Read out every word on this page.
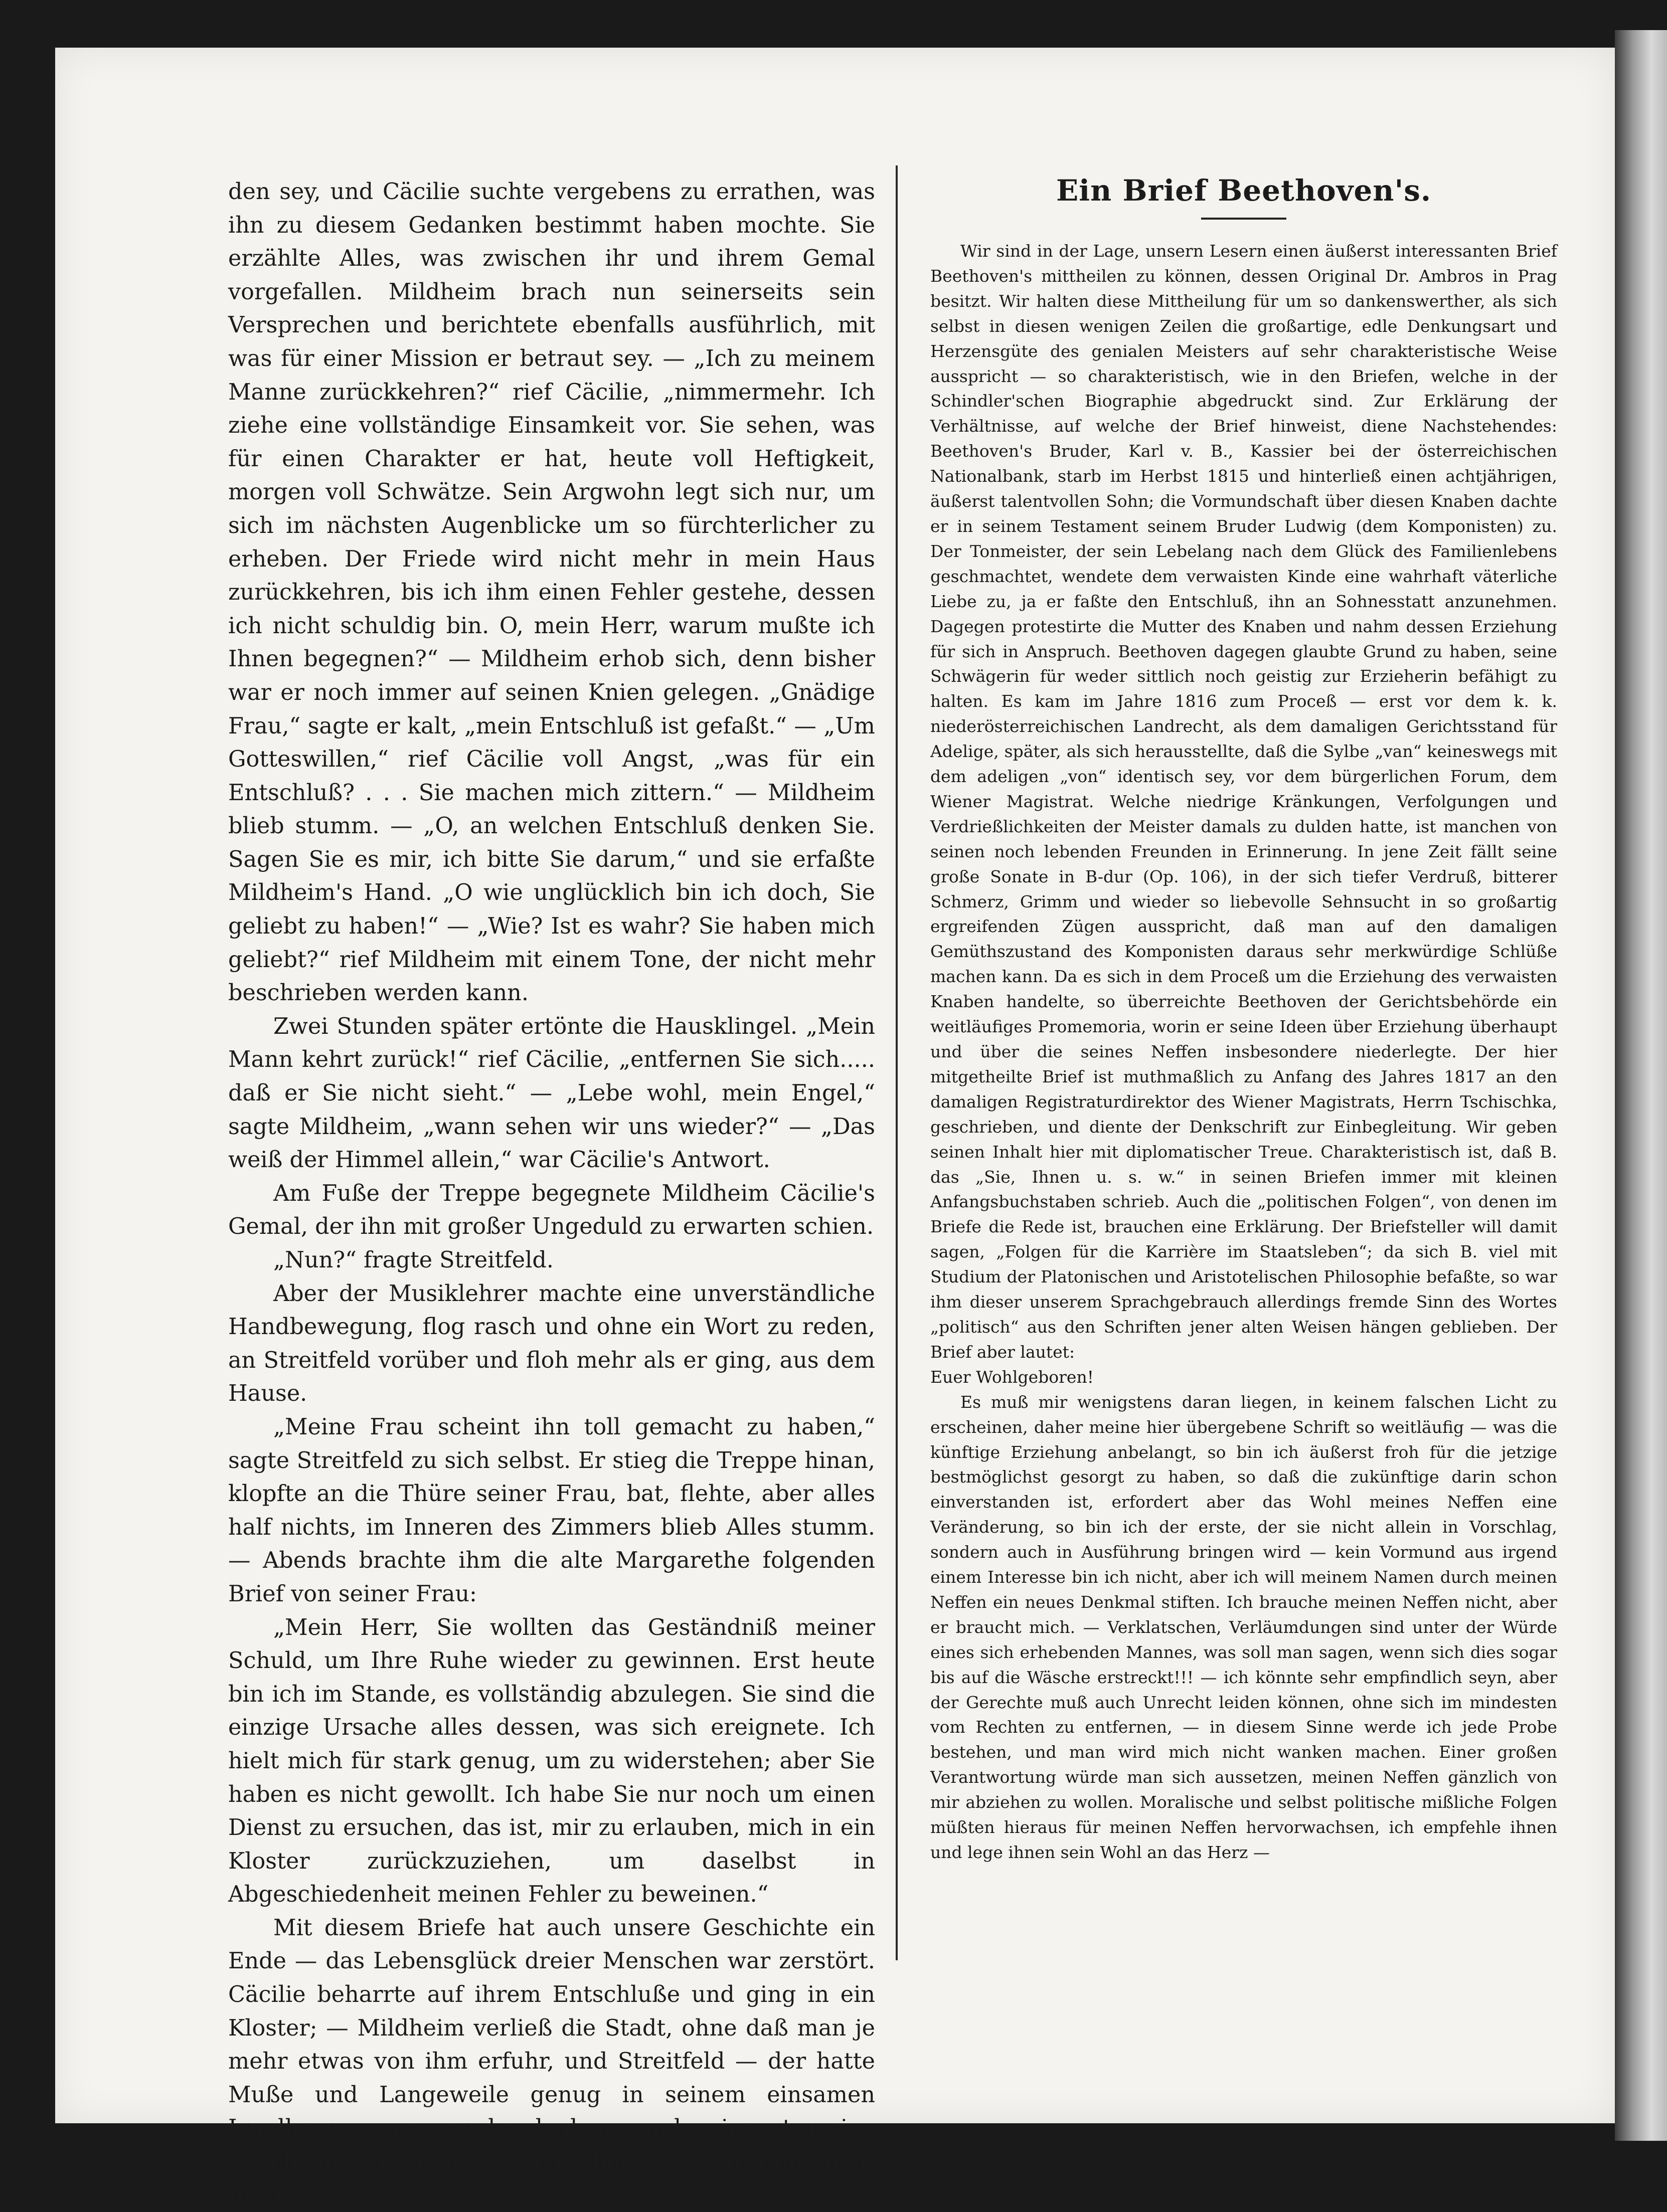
den sey, und Cäcilie suchte vergebens zu errathen, was ihn zu diesem Gedanken bestimmt haben mochte. Sie erzählte Alles, was zwischen ihr und ihrem Gemal vorgefallen. Mildheim brach nun seinerseits sein Versprechen und berichtete ebenfalls ausführlich, mit was für einer Mission er betraut sey. — „Ich zu meinem Manne zurückkehren?“ rief Cäcilie, „nimmermehr. Ich ziehe eine vollständige Einsamkeit vor. Sie sehen, was für einen Charakter er hat, heute voll Heftigkeit, morgen voll Schwätze. Sein Argwohn legt sich nur, um sich im nächsten Augenblicke um so fürchterlicher zu erheben. Der Friede wird nicht mehr in mein Haus zurückkehren, bis ich ihm einen Fehler gestehe, dessen ich nicht schuldig bin. O, mein Herr, warum mußte ich Ihnen begegnen?“ — Mildheim erhob sich, denn bisher war er noch immer auf seinen Knien gelegen. „Gnädige Frau,“ sagte er kalt, „mein Entschluß ist gefaßt.“ — „Um Gotteswillen,“ rief Cäcilie voll Angst, „was für ein Entschluß? . . . Sie machen mich zittern.“ — Mildheim blieb stumm. — „O, an welchen Entschluß denken Sie. Sagen Sie es mir, ich bitte Sie darum,“ und sie erfaßte Mildheim's Hand. „O wie unglücklich bin ich doch, Sie geliebt zu haben!“ — „Wie? Ist es wahr? Sie haben mich geliebt?“ rief Mildheim mit einem Tone, der nicht mehr beschrieben werden kann.

Zwei Stunden später ertönte die Hausklingel. „Mein Mann kehrt zurück!“ rief Cäcilie, „entfernen Sie sich..... daß er Sie nicht sieht.“ — „Lebe wohl, mein Engel,“ sagte Mildheim, „wann sehen wir uns wieder?“ — „Das weiß der Himmel allein,“ war Cäcilie's Antwort.

Am Fuße der Treppe begegnete Mildheim Cäcilie's Gemal, der ihn mit großer Ungeduld zu erwarten schien.

„Nun?“ fragte Streitfeld.

Aber der Musiklehrer machte eine unverständliche Handbewegung, flog rasch und ohne ein Wort zu reden, an Streitfeld vorüber und floh mehr als er ging, aus dem Hause.

„Meine Frau scheint ihn toll gemacht zu haben,“ sagte Streitfeld zu sich selbst. Er stieg die Treppe hinan, klopfte an die Thüre seiner Frau, bat, flehte, aber alles half nichts, im Inneren des Zimmers blieb Alles stumm. — Abends brachte ihm die alte Margarethe folgenden Brief von seiner Frau:

„Mein Herr, Sie wollten das Geständniß meiner Schuld, um Ihre Ruhe wieder zu gewinnen. Erst heute bin ich im Stande, es vollständig abzulegen. Sie sind die einzige Ursache alles dessen, was sich ereignete. Ich hielt mich für stark genug, um zu widerstehen; aber Sie haben es nicht gewollt. Ich habe Sie nur noch um einen Dienst zu ersuchen, das ist, mir zu erlauben, mich in ein Kloster zurückzuziehen, um daselbst in Abgeschiedenheit meinen Fehler zu beweinen.“

Mit diesem Briefe hat auch unsere Geschichte ein Ende — das Lebensglück dreier Menschen war zerstört. Cäcilie beharrte auf ihrem Entschluße und ging in ein Kloster; — Mildheim verließ die Stadt, ohne daß man je mehr etwas von ihm erfuhr, und Streitfeld — der hatte Muße und Langeweile genug in seinem einsamen Landhause, um nachzudenken und eine traurige Geschichte darüber zu schreiben: „Wohin Eifersucht führt.“

Ein Brief Beethoven's.

Wir sind in der Lage, unsern Lesern einen äußerst interessanten Brief Beethoven's mittheilen zu können, dessen Original Dr. Ambros in Prag besitzt. Wir halten diese Mittheilung für um so dankenswerther, als sich selbst in diesen wenigen Zeilen die großartige, edle Denkungsart und Herzensgüte des genialen Meisters auf sehr charakteristische Weise ausspricht — so charakteristisch, wie in den Briefen, welche in der Schindler'schen Biographie abgedruckt sind. Zur Erklärung der Verhältnisse, auf welche der Brief hinweist, diene Nachstehendes: Beethoven's Bruder, Karl v. B., Kassier bei der österreichischen Nationalbank, starb im Herbst 1815 und hinterließ einen achtjährigen, äußerst talentvollen Sohn; die Vormundschaft über diesen Knaben dachte er in seinem Testament seinem Bruder Ludwig (dem Komponisten) zu. Der Tonmeister, der sein Lebelang nach dem Glück des Familienlebens geschmachtet, wendete dem verwaisten Kinde eine wahrhaft väterliche Liebe zu, ja er faßte den Entschluß, ihn an Sohnesstatt anzunehmen. Dagegen protestirte die Mutter des Knaben und nahm dessen Erziehung für sich in Anspruch. Beethoven dagegen glaubte Grund zu haben, seine Schwägerin für weder sittlich noch geistig zur Erzieherin befähigt zu halten. Es kam im Jahre 1816 zum Proceß — erst vor dem k. k. niederösterreichischen Landrecht, als dem damaligen Gerichtsstand für Adelige, später, als sich herausstellte, daß die Sylbe „van“ keineswegs mit dem adeligen „von“ identisch sey, vor dem bürgerlichen Forum, dem Wiener Magistrat. Welche niedrige Kränkungen, Verfolgungen und Verdrießlichkeiten der Meister damals zu dulden hatte, ist manchen von seinen noch lebenden Freunden in Erinnerung. In jene Zeit fällt seine große Sonate in B-dur (Op. 106), in der sich tiefer Verdruß, bitterer Schmerz, Grimm und wieder so liebevolle Sehnsucht in so großartig ergreifenden Zügen ausspricht, daß man auf den damaligen Gemüthszustand des Komponisten daraus sehr merkwürdige Schlüße machen kann. Da es sich in dem Proceß um die Erziehung des verwaisten Knaben handelte, so überreichte Beethoven der Gerichtsbehörde ein weitläufiges Promemoria, worin er seine Ideen über Erziehung überhaupt und über die seines Neffen insbesondere niederlegte. Der hier mitgetheilte Brief ist muthmaßlich zu Anfang des Jahres 1817 an den damaligen Registraturdirektor des Wiener Magistrats, Herrn Tschischka, geschrieben, und diente der Denkschrift zur Einbegleitung. Wir geben seinen Inhalt hier mit diplomatischer Treue. Charakteristisch ist, daß B. das „Sie, Ihnen u. s. w.“ in seinen Briefen immer mit kleinen Anfangsbuchstaben schrieb. Auch die „politischen Folgen“, von denen im Briefe die Rede ist, brauchen eine Erklärung. Der Briefsteller will damit sagen, „Folgen für die Karrière im Staatsleben“; da sich B. viel mit Studium der Platonischen und Aristotelischen Philosophie befaßte, so war ihm dieser unserem Sprachgebrauch allerdings fremde Sinn des Wortes „politisch“ aus den Schriften jener alten Weisen hängen geblieben. Der Brief aber lautet:

Euer Wohlgeboren!

Es muß mir wenigstens daran liegen, in keinem falschen Licht zu erscheinen, daher meine hier übergebene Schrift so weitläufig — was die künftige Erziehung anbelangt, so bin ich äußerst froh für die jetzige bestmöglichst gesorgt zu haben, so daß die zukünftige darin schon einverstanden ist, erfordert aber das Wohl meines Neffen eine Veränderung, so bin ich der erste, der sie nicht allein in Vorschlag, sondern auch in Ausführung bringen wird — kein Vormund aus irgend einem Interesse bin ich nicht, aber ich will meinem Namen durch meinen Neffen ein neues Denkmal stiften. Ich brauche meinen Neffen nicht, aber er braucht mich. — Verklatschen, Verläumdungen sind unter der Würde eines sich erhebenden Mannes, was soll man sagen, wenn sich dies sogar bis auf die Wäsche erstreckt!!! — ich könnte sehr empfindlich seyn, aber der Gerechte muß auch Unrecht leiden können, ohne sich im mindesten vom Rechten zu entfernen, — in diesem Sinne werde ich jede Probe bestehen, und man wird mich nicht wanken machen. Einer großen Verantwortung würde man sich aussetzen, meinen Neffen gänzlich von mir abziehen zu wollen. Moralische und selbst politische mißliche Folgen müßten hieraus für meinen Neffen hervorwachsen, ich empfehle ihnen und lege ihnen sein Wohl an das Herz —
